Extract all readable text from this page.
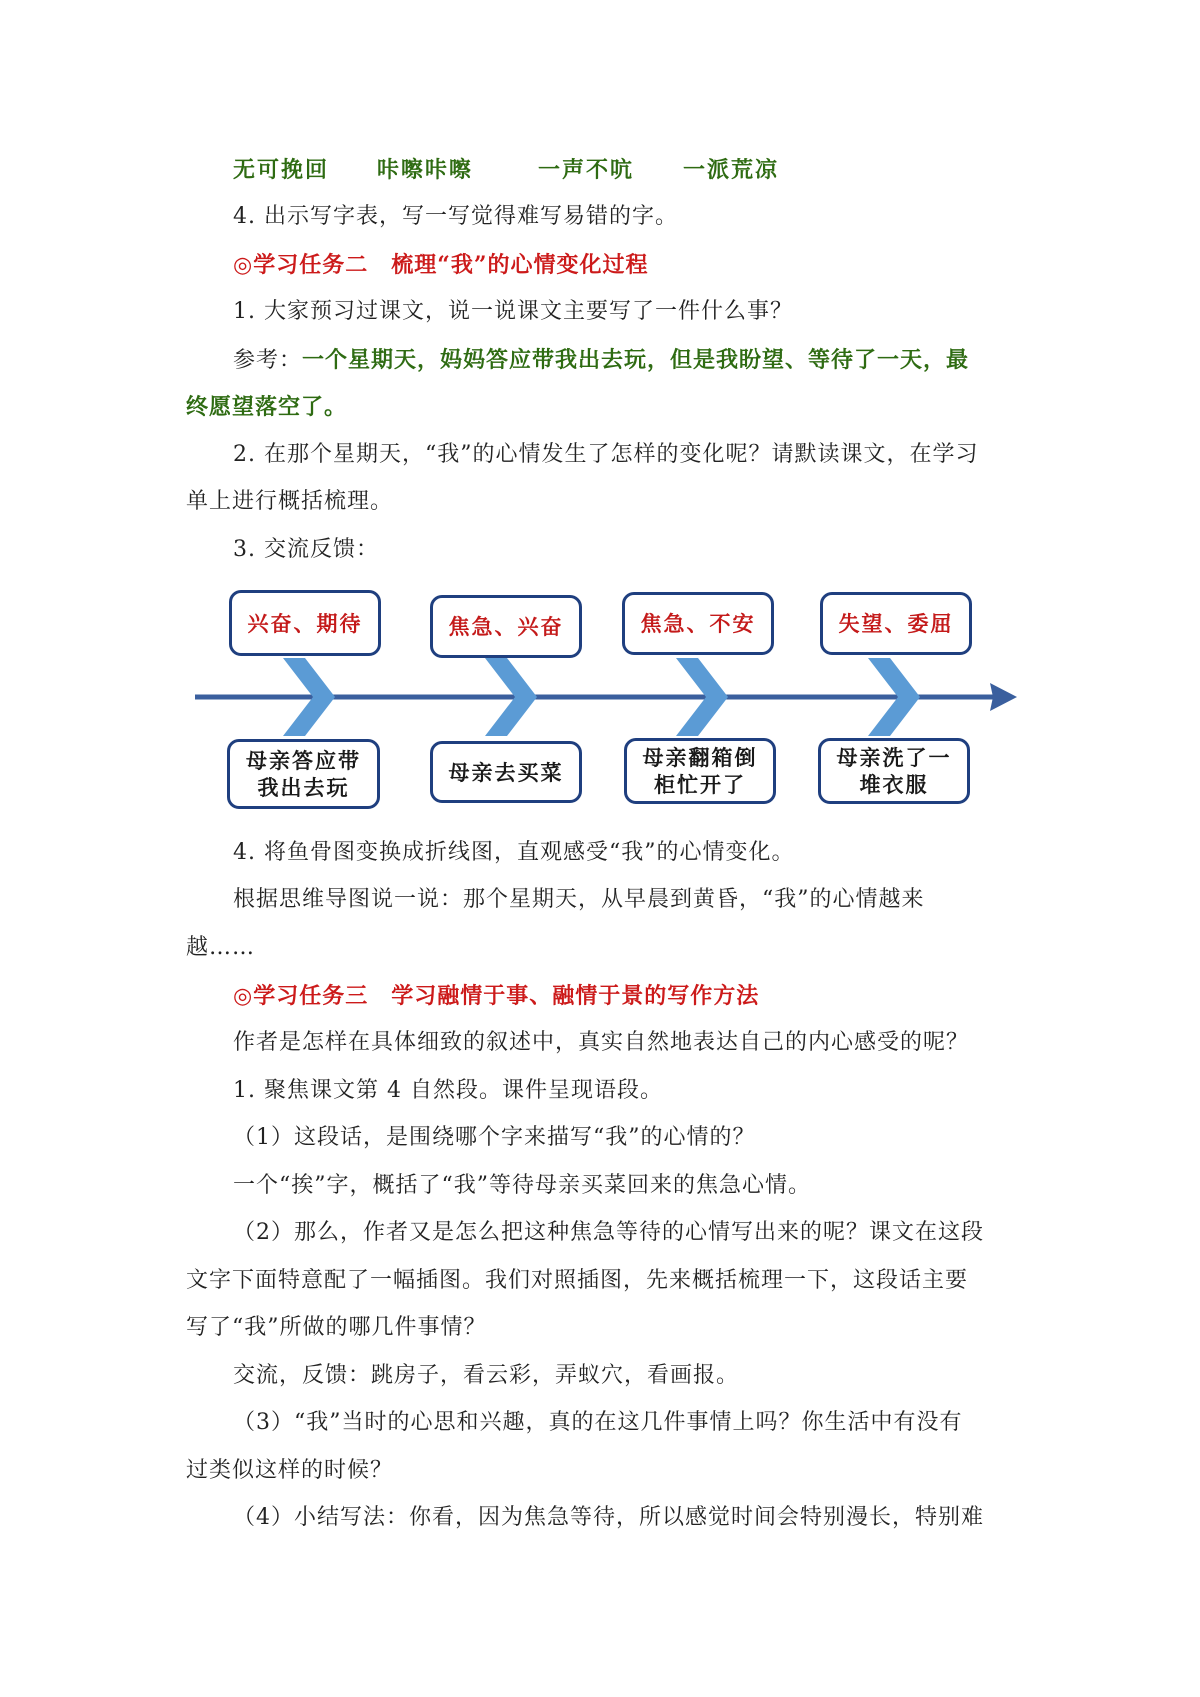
无可挽回 咔嚓咔嚓	一声不吭 一派荒凉
4. 出示写字表，写一写觉得难写易错的字。
◎学习任务二　梳理“我”的心情变化过程
1. 大家预习过课文，说一说课文主要写了一件什么事？
参考：一个星期天，妈妈答应带我出去玩，但是我盼望、等待了一天，最
终愿望落空了。
2. 在那个星期天，“我”的心情发生了怎样的变化呢？请默读课文，在学习
单上进行概括梳理。
3. 交流反馈：
兴奋、期待	焦急、兴奋	焦急、不安	失望、委屈
母亲答应带
我出去玩
母亲去买菜
母亲翻箱倒
柜忙开了
母亲洗了一
堆衣服
4. 将鱼骨图变换成折线图，直观感受“我”的心情变化。
根据思维导图说一说：那个星期天，从早晨到黄昏，“我”的心情越来
越……
◎学习任务三　学习融情于事、融情于景的写作方法
作者是怎样在具体细致的叙述中，真实自然地表达自己的内心感受的呢？
1. 聚焦课文第 4 自然段。课件呈现语段。
（1）这段话，是围绕哪个字来描写“我”的心情的？
一个“挨”字，概括了“我”等待母亲买菜回来的焦急心情。
（2）那么，作者又是怎么把这种焦急等待的心情写出来的呢？课文在这段
文字下面特意配了一幅插图。我们对照插图，先来概括梳理一下，这段话主要
写了“我”所做的哪几件事情？
交流，反馈：跳房子，看云彩，弄蚁穴，看画报。
（3）“我”当时的心思和兴趣，真的在这几件事情上吗？你生活中有没有
过类似这样的时候？
（4）小结写法：你看，因为焦急等待，所以感觉时间会特别漫长，特别难
